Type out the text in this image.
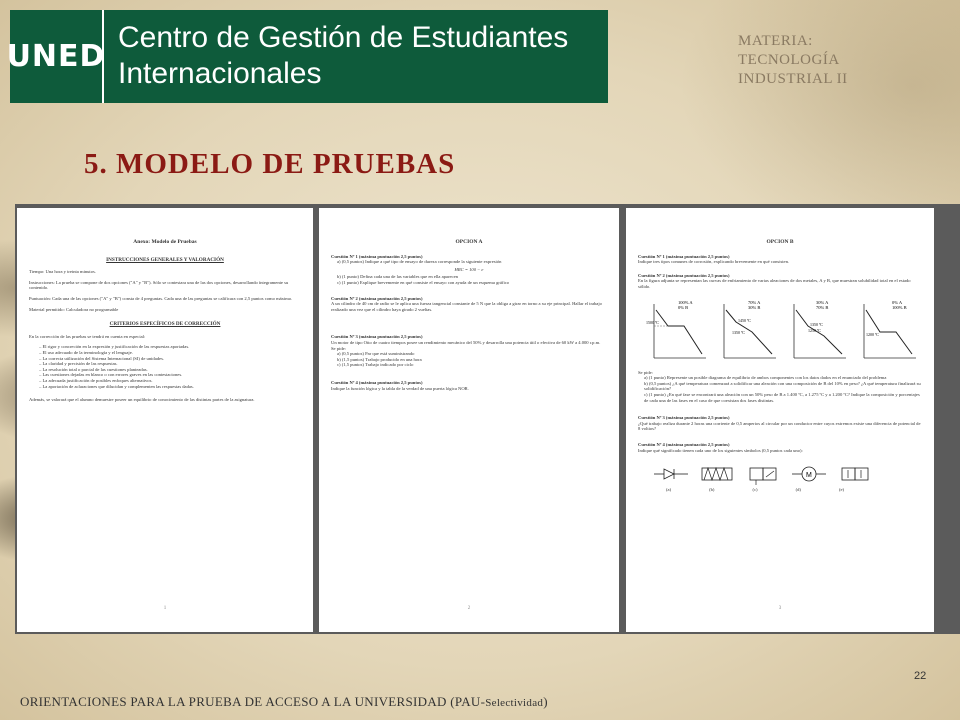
UNED
Centro de Gestión de Estudiantes
Internacionales
MATERIA:
TECNOLOGÍA
INDUSTRIAL II
5. MODELO DE PRUEBAS
Anexo: Modelo de Pruebas
INSTRUCCIONES GENERALES Y VALORACIÓN
Tiempo: Una hora y treinta minutos.
Instrucciones: La prueba se compone de dos opciones ("A" y "B"). Sólo se contestara una de las dos opciones, desarrollando íntegramente su contenido.
Puntuación: Cada una de las opciones ("A" y "B") consta de 4 preguntas. Cada una de las preguntas se calificara con 2,5 puntos como máximo.
Material permitido: Calculadora no programable
CRITERIOS ESPECÍFICOS DE CORRECCIÓN
En la corrección de las pruebas se tendrá en cuenta en especial:
– El rigor y concreción en la expresión y justificación de las respuestas aportadas.
– El uso adecuado de la terminología y el lenguaje.
– La correcta utilización del Sistema Internacional (SI) de unidades.
– La claridad y precisión de las respuestas.
– La resolución total o parcial de las cuestiones planteadas.
– Las cuestiones dejadas en blanco o con errores graves en las contestaciones.
– La adecuada justificación de posibles enfoques alternativos.
– La aportación de aclaraciones que dilucidan y complementen las respuestas dadas.
Además, se valorará que el alumno demuestre poseer un equilibrio de conocimiento de las distintas partes de la asignatura.
1
OPCION A
Cuestión Nº 1 (máxima puntuación 2,5 puntos)
a) (0,5 puntos) Indique a qué tipo de ensayo de dureza corresponde la siguiente expresión
HRC = 100 − e
b) (1 punto) Defina cada una de las variables que en ella aparecen
c) (1 punto) Explique brevemente en qué consiste el ensayo con ayuda de un esquema gráfico
Cuestión Nº 2 (máxima puntuación 2,5 puntos)
A un cilindro de 40 cm de radio se le aplica una fuerza tangencial constante de 5 N que la obliga a girar en torno a su eje principal. Hallar el trabajo realizado una vez que el cilindro haya girado 2 vueltas.
Cuestión Nº 3 (máxima puntuación 2,5 puntos)
Un motor de tipo Otto de cuatro tiempos posee un rendimiento mecánico del 50% y desarrolla una potencia útil o efectiva de 60 kW a 4.000 r.p.m.
Se pide:
a) (0,5 puntos) Par que está suministrando
b) (1,5 puntos) Trabajo producido en una hora
c) (1,5 puntos) Trabajo indicado por ciclo
Cuestión Nº 4 (máxima puntuación 2,5 puntos)
Indique la función lógica y la tabla de la verdad de una puerta lógica NOR.
2
OPCION B
Cuestión Nº 1 (máxima puntuación 2,5 puntos)
Indique tres tipos comunes de corrosión, explicando brevemente en qué consisten.
Cuestión Nº 2 (máxima puntuación 2,5 puntos)
En la figura adjunta se representan las curvas de enfriamiento de varias aleaciones de dos metales, A y B, que muestran solubilidad total en el estado sólido.
100% A
0% B
1500 ºC
70% A
30% B
1450 ºC
1350 ºC
30% A
70% B
1350 ºC
1250 ºC
0% A
100% B
1200 ºC
Se pide:
a) (1 punto) Represente un posible diagrama de equilibrio de ambos componentes con los datos dados en el enunciado del problema
b) (0,5 puntos) ¿A qué temperatura comenzará a solidificar una aleación con una composición de B del 10% en peso? ¿A qué temperatura finalizará su solidificación?
c) (1 punto) ¿En qué fase se encontrará una aleación con un 50% peso de B a 1.400 ºC, a 1.275 ºC y a 1.200 ºC? Indique la composición y porcentajes de cada una de las fases en el caso de que coexistan dos fases distintas.
Cuestión Nº 3 (máxima puntuación 2,5 puntos)
¿Qué trabajo realiza durante 2 horas una corriente de 0,5 amperios al circular por un conductor entre cuyos extremos existe una diferencia de potencial de 8 voltios?
Cuestión Nº 4 (máxima puntuación 2,5 puntos)
Indique qué significado tienen cada uno de los siguientes símbolos (0,5 puntos cada uno):
M
(a)	(b)	(c)	(d)	(e)
3
22
ORIENTACIONES PARA LA PRUEBA DE ACCESO A LA UNIVERSIDAD (PAU-Selectividad)
